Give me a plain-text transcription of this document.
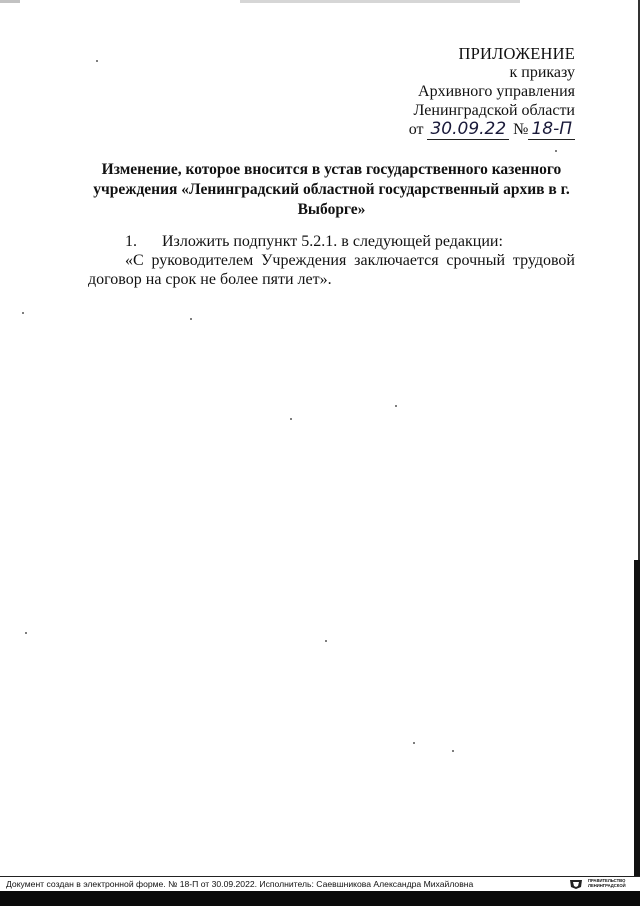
ПРИЛОЖЕНИЕ
к приказу
Архивного управления
Ленинградской области
от 30.09.22 № 18-П
Изменение, которое вносится в устав государственного казенного учреждения «Ленинградский областной государственный архив в г. Выборге»
1. Изложить подпункт 5.2.1. в следующей редакции:

«С руководителем Учреждения заключается срочный трудовой договор на срок не более пяти лет».

Документ создан в электронной форме. № 18-П от 30.09.2022. Исполнитель: Саевшникова Александра Михайловна	ПРАВИТЕЛЬСТВО
ЛЕНИНГРАДСКОЙ
